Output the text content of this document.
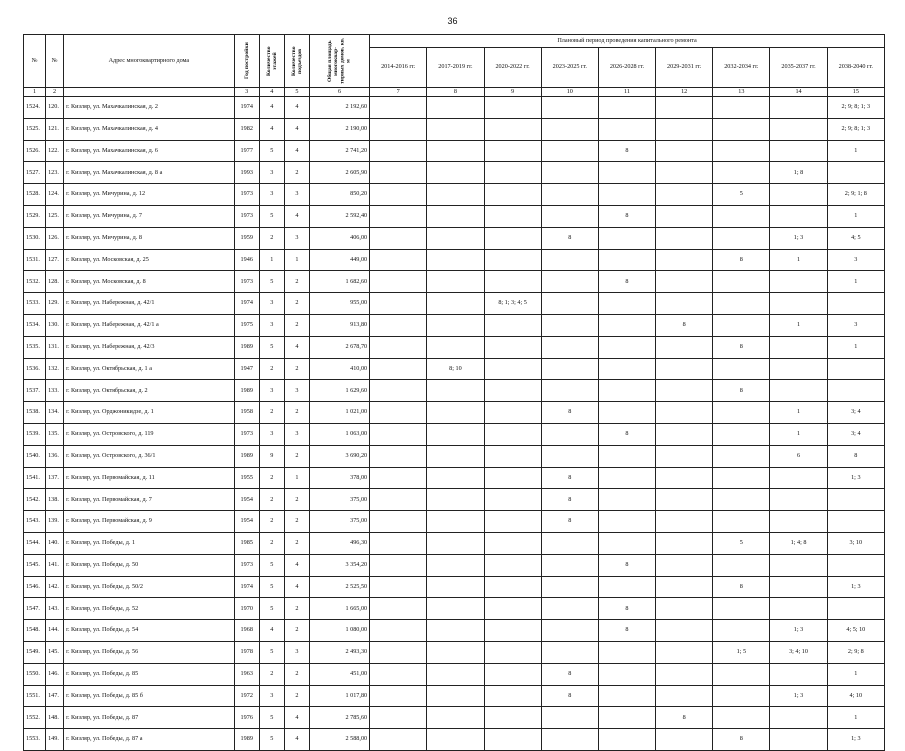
36
№	№	Адрес многоквартирного дома	Год постройки	Количество этажей	Количество подъездов	Общая площадь многоквар-тирных домов, кв. м	Плановый период проведения капитального ремонта								
							2014-2016 гг.	2017-2019 гг.	2020-2022 гг.	2023-2025 гг.	2026-2028 гг.	2029-2031 гг.	2032-2034 гг.	2035-2037 гг.	2038-2040 гг.
1	2		3	4	5	6	7	8	9	10	11	12	13	14	15
1524.	120.	г. Кизляр, ул. Махачкалинская, д. 2	1974	4	4	2 192,60									2; 9; 8; 1; 3
1525.	121.	г. Кизляр, ул. Махачкалинская, д. 4	1982	4	4	2 190,00									2; 9; 8; 1; 3
1526.	122.	г. Кизляр, ул. Махачкалинская, д. 6	1977	5	4	2 741,20					8				1
1527.	123.	г. Кизляр, ул. Махачкалинская, д. 8 а	1993	3	2	2 605,90								1; 8	
1528.	124.	г. Кизляр, ул. Мичурина, д. 12	1973	3	3	850,20							5		2; 9; 1; 8
1529.	125.	г. Кизляр, ул. Мичурина, д. 7	1973	5	4	2 592,40					8				1
1530.	126.	г. Кизляр, ул. Мичурина, д. 8	1959	2	3	406,00				8				1; 3	4; 5
1531.	127.	г. Кизляр, ул. Московская, д. 25	1946	1	1	449,00							8	1	3
1532.	128.	г. Кизляр, ул. Московская, д. 8	1973	5	2	1 682,60					8				1
1533.	129.	г. Кизляр, ул. Набережная, д. 42/1	1974	3	2	955,00			8; 1; 3; 4; 5						
1534.	130.	г. Кизляр, ул. Набережная, д. 42/1 а	1975	3	2	913,80						8		1	3
1535.	131.	г. Кизляр, ул. Набережная, д. 42/3	1989	5	4	2 678,70							8		1
1536.	132.	г. Кизляр, ул. Октябрьская, д. 1 а	1947	2	2	410,00		8; 10							
1537.	133.	г. Кизляр, ул. Октябрьская, д. 2	1989	3	3	1 629,60							8		
1538.	134.	г. Кизляр, ул. Орджоникидзе, д. 1	1958	2	2	1 021,00				8				1	3; 4
1539.	135.	г. Кизляр, ул. Островского, д. 119	1973	3	3	1 063,00					8			1	3; 4
1540.	136.	г. Кизляр, ул. Островского, д. 36/1	1989	9	2	3 690,20								6	8
1541.	137.	г. Кизляр, ул. Первомайская, д. 11	1955	2	1	378,00				8					1; 3
1542.	138.	г. Кизляр, ул. Первомайская, д. 7	1954	2	2	375,00				8					
1543.	139.	г. Кизляр, ул. Первомайская, д. 9	1954	2	2	375,00				8					
1544.	140.	г. Кизляр, ул. Победы, д. 1	1985	2	2	496,30							5	1; 4; 8	3; 10
1545.	141.	г. Кизляр, ул. Победы, д. 50	1973	5	4	3 354,20					8				
1546.	142.	г. Кизляр, ул. Победы, д. 50/2	1974	5	4	2 525,50							8		1; 3
1547.	143.	г. Кизляр, ул. Победы, д. 52	1970	5	2	1 665,00					8				
1548.	144.	г. Кизляр, ул. Победы, д. 54	1968	4	2	1 080,00					8			1; 3	4; 5; 10
1549.	145.	г. Кизляр, ул. Победы, д. 56	1978	5	3	2 493,30							1; 5	3; 4; 10	2; 9; 8
1550.	146.	г. Кизляр, ул. Победы, д. 85	1963	2	2	451,00				8					1
1551.	147.	г. Кизляр, ул. Победы, д. 85 б	1972	3	2	1 017,80				8				1; 3	4; 10
1552.	148.	г. Кизляр, ул. Победы, д. 87	1976	5	4	2 785,60						8			1
1553.	149.	г. Кизляр, ул. Победы, д. 87 а	1989	5	4	2 588,00							8		1; 3
